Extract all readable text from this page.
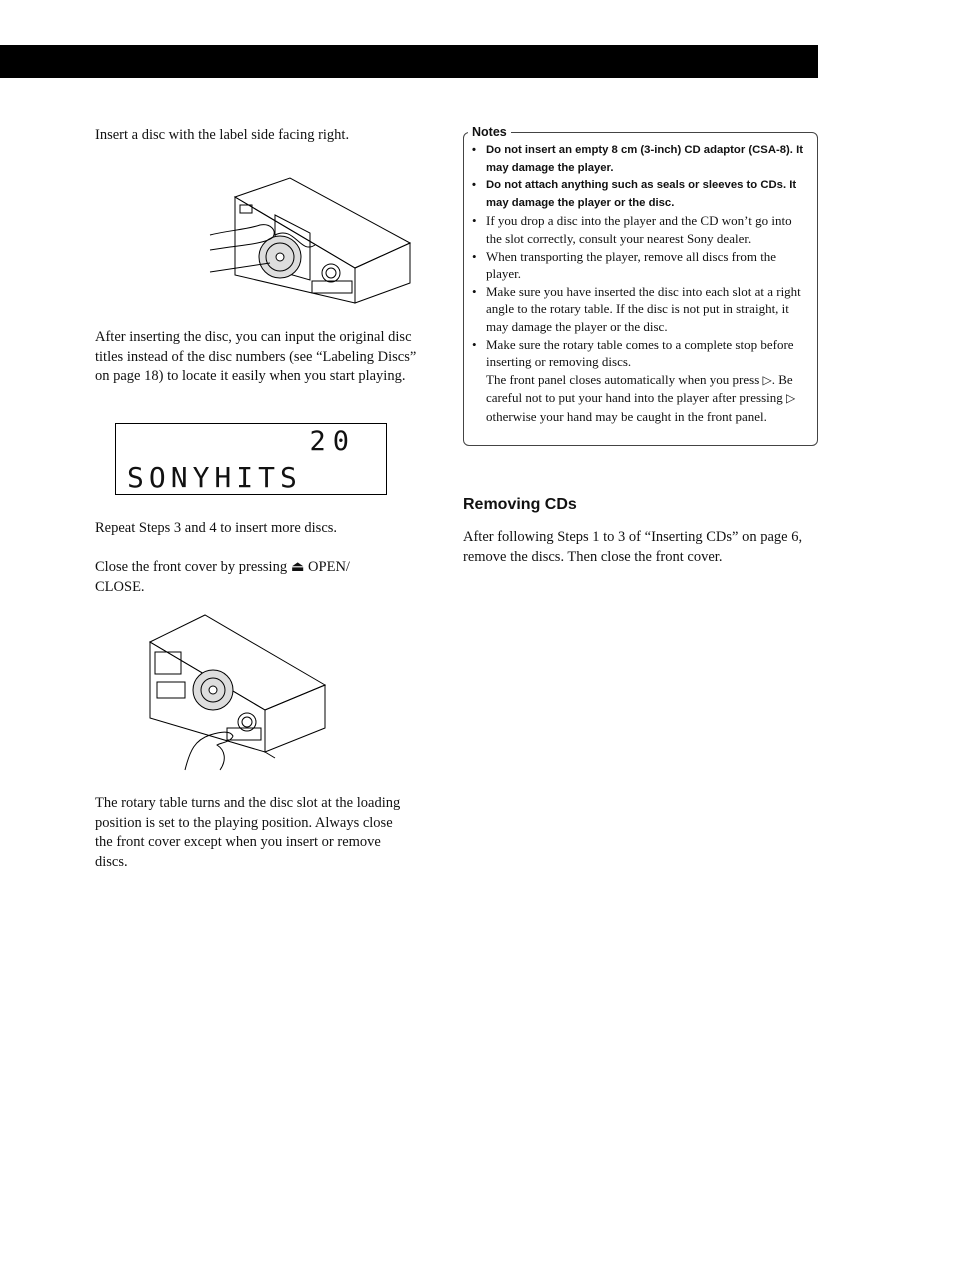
Insert a disc with the label side facing right.

After inserting the disc, you can input the original disc titles instead of the disc numbers (see “Labeling Discs” on page 18) to locate it easily when you start playing.

20
SONYHITS

Repeat Steps 3 and 4 to insert more discs.

Close the front cover by pressing ⏏ OPEN/ CLOSE.

The rotary table turns and the disc slot at the loading position is set to the playing position. Always close the front cover except when you insert or remove discs.

• Do not insert an empty 8 cm (3-inch) CD adaptor (CSA-8). It may damage the player.
• Do not attach anything such as seals or sleeves to CDs. It may damage the player or the disc.
• If you drop a disc into the player and the CD won’t go into the slot correctly, consult your nearest Sony dealer.
• When transporting the player, remove all discs from the player.
• Make sure you have inserted the disc into each slot at a right angle to the rotary table. If the disc is not put in straight, it may damage the player or the disc.
• Make sure the rotary table comes to a complete stop before inserting or removing discs.
The front panel closes automatically when you press ▷. Be careful not to put your hand into the player after pressing ▷ otherwise your hand may be caught in the front panel.
Notes
Removing CDs

After following Steps 1 to 3 of “Inserting CDs” on page 6, remove the discs. Then close the front cover.
